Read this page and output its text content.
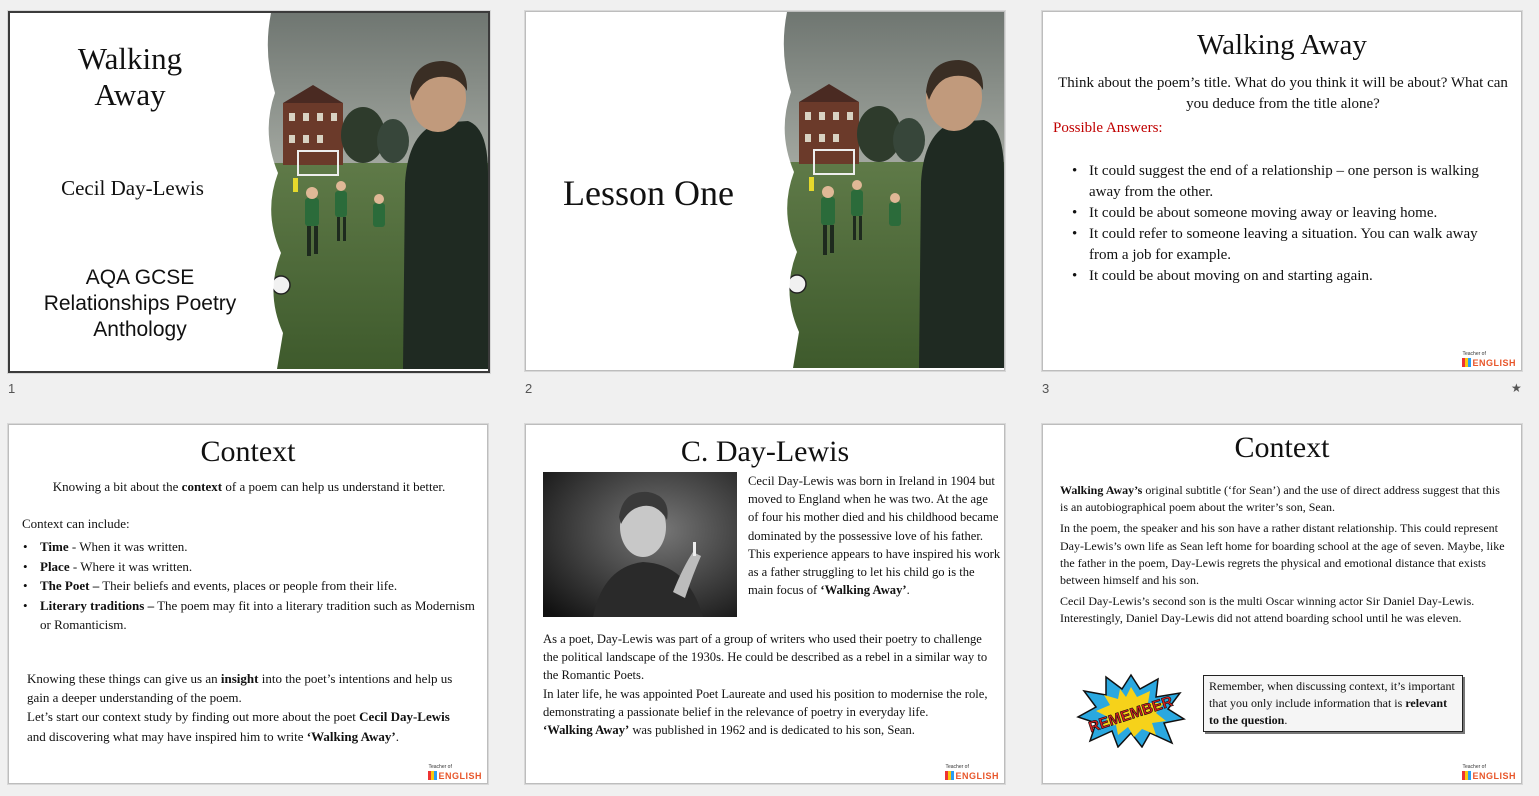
Walking Away
Cecil Day-Lewis
AQA GCSE Relationships Poetry Anthology
1
Lesson One
2
Walking Away
Think about the poem’s title. What do you think it will be about? What can you deduce from the title alone?
Possible Answers:
• It could suggest the end of a relationship – one person is walking away from the other.
• It could be about someone moving away or leaving home.
• It could refer to someone leaving a situation. You can walk away from a job for example.
• It could be about moving on and starting again.
Teacher of
ENGLISH
3	★
Context

Knowing a bit about the context of a poem can help us understand it better.

Context can include:
• Time - When it was written.
• Place - Where it was written.
• The Poet – Their beliefs and events, places or people from their life.
• Literary traditions – The poem may fit into a literary tradition such as Modernism or Romanticism.

Knowing these things can give us an insight into the poet’s intentions and help us gain a deeper understanding of the poem.

Let’s start our context study by finding out more about the poet Cecil Day-Lewis and discovering what may have inspired him to write ‘Walking Away’.

Teacher of
ENGLISH
C. Day-Lewis

Cecil Day-Lewis was born in Ireland in 1904 but moved to England when he was two. At the age of four his mother died and his childhood became dominated by the possessive love of his father. This experience appears to have inspired his work as a father struggling to let his child go is the main focus of ‘Walking Away’.

As a poet, Day-Lewis was part of a group of writers who used their poetry to challenge the political landscape of the 1930s. He could be described as a rebel in a similar way to the Romantic Poets.

In later life, he was appointed Poet Laureate and used his position to modernise the role, demonstrating a passionate belief in the relevance of poetry in everyday life.

‘Walking Away’ was published in 1962 and is dedicated to his son, Sean.

Teacher of
ENGLISH
Context

Walking Away’s original subtitle (‘for Sean’) and the use of direct address suggest that this is an autobiographical poem about the writer’s son, Sean.

In the poem, the speaker and his son have a rather distant relationship. This could represent Day-Lewis’s own life as Sean left home for boarding school at the age of seven. Maybe, like the father in the poem, Day-Lewis regrets the physical and emotional distance that exists between himself and his son.

Cecil Day-Lewis’s second son is the multi Oscar winning actor Sir Daniel Day-Lewis. Interestingly, Daniel Day-Lewis did not attend boarding school until he was eleven.

REMEMBER
Remember, when discussing context, it’s important that you only include information that is relevant to the question.
Teacher of
ENGLISH
